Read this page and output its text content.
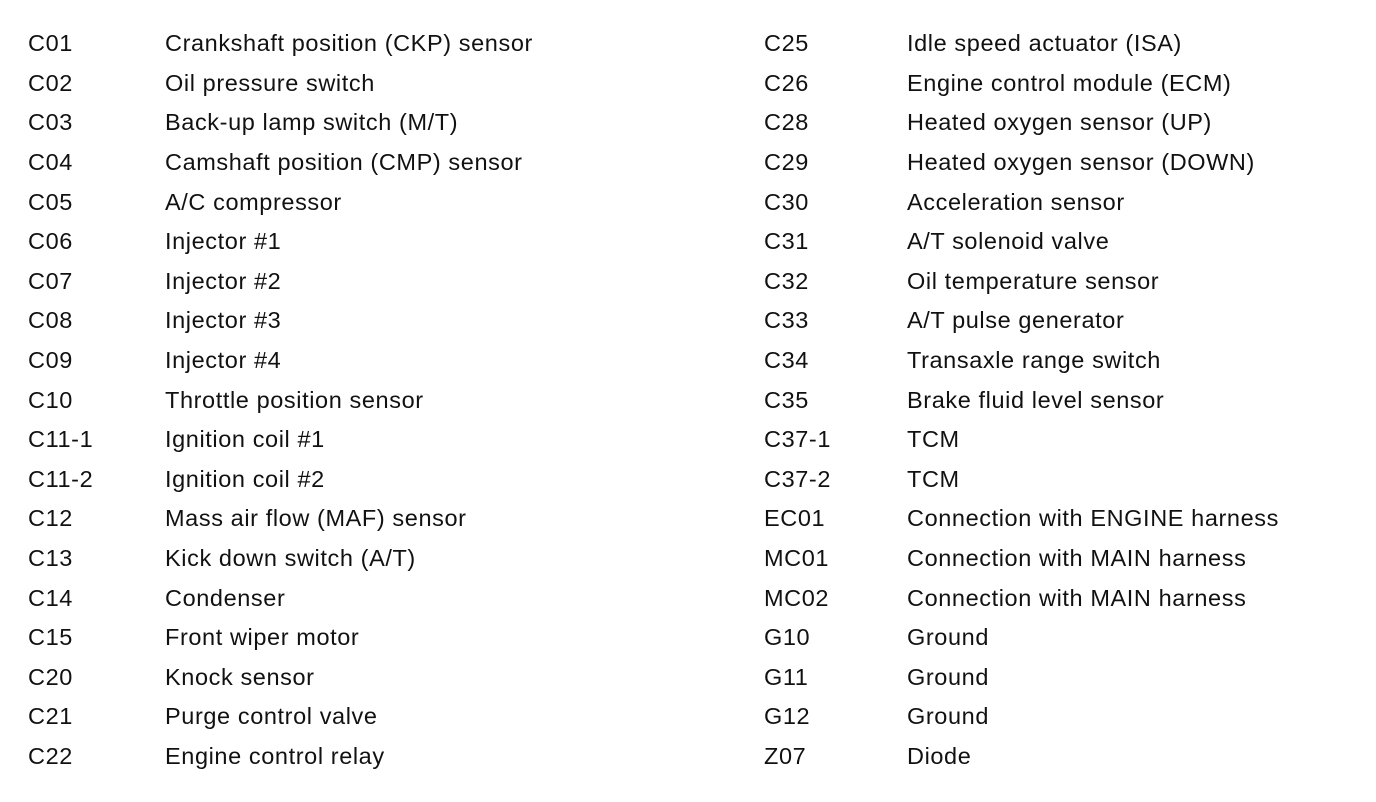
C01	Crankshaft position (CKP) sensor
C02	Oil pressure switch
C03	Back-up lamp switch (M/T)
C04	Camshaft position (CMP) sensor
C05	A/C compressor
C06	Injector #1
C07	Injector #2
C08	Injector #3
C09	Injector #4
C10	Throttle position sensor
C11-1	Ignition coil #1
C11-2	Ignition coil #2
C12	Mass air flow (MAF) sensor
C13	Kick down switch (A/T)
C14	Condenser
C15	Front wiper motor
C20	Knock sensor
C21	Purge control valve
C22	Engine control relay
C25	Idle speed actuator (ISA)
C26	Engine control module (ECM)
C28	Heated oxygen sensor (UP)
C29	Heated oxygen sensor (DOWN)
C30	Acceleration sensor
C31	A/T solenoid valve
C32	Oil temperature sensor
C33	A/T pulse generator
C34	Transaxle range switch
C35	Brake fluid level sensor
C37-1	TCM
C37-2	TCM
EC01	Connection with ENGINE harness
MC01	Connection with MAIN harness
MC02	Connection with MAIN harness
G10	Ground
G11	Ground
G12	Ground
Z07	Diode
